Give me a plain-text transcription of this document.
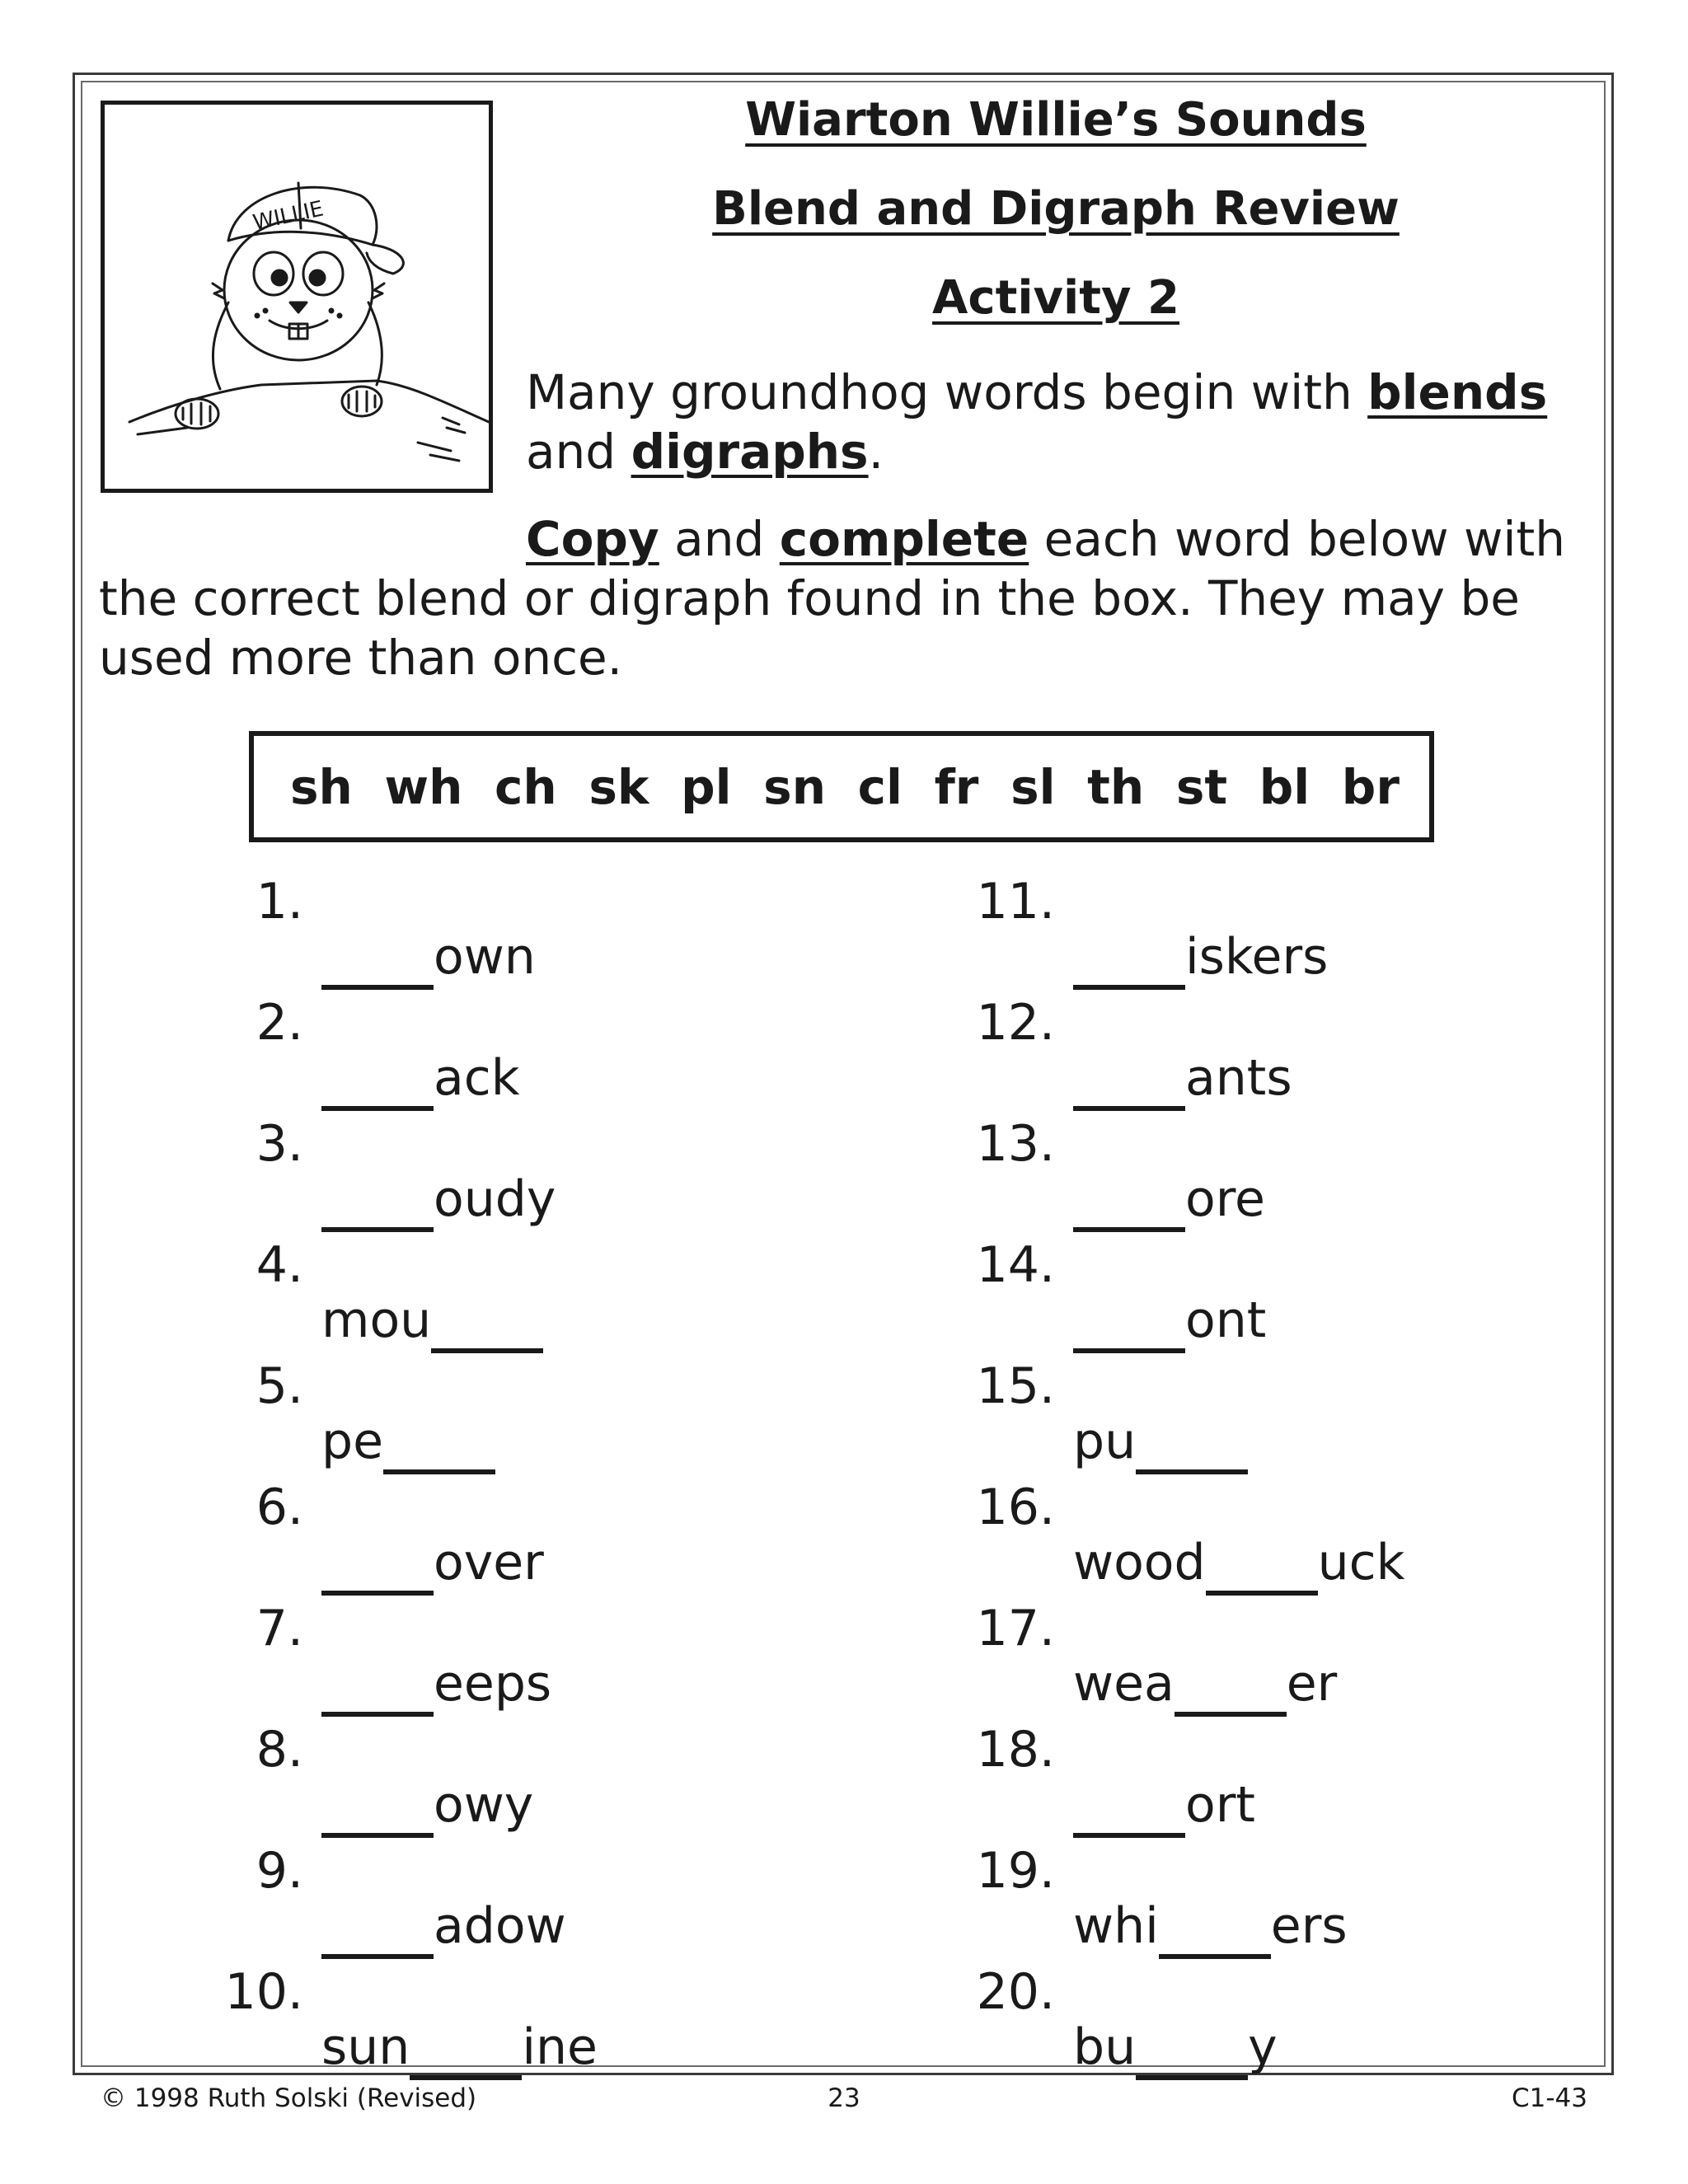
WILLIE
Wiarton Willie’s Sounds
Blend and Digraph Review
Activity 2

Many groundhog words begin with blends
and digraphs.

Copy and complete each word below with the correct blend or digraph found in the box. They may be used more than once.

sh wh ch sk pl sn cl fr sl th st bl br
1.
own
2.
ack
3.
oudy
4.
mou
5.
pe
6.
over
7.
eeps
8.
owy
9.
adow
10.
sun ine
11.
iskers
12.
ants
13.
ore
14.
ont
15.
pu
16.
wood uck
17.
wea er
18.
ort
19.
whi ers
20.
bu y
© 1998 Ruth Solski (Revised)	23	C1-43
